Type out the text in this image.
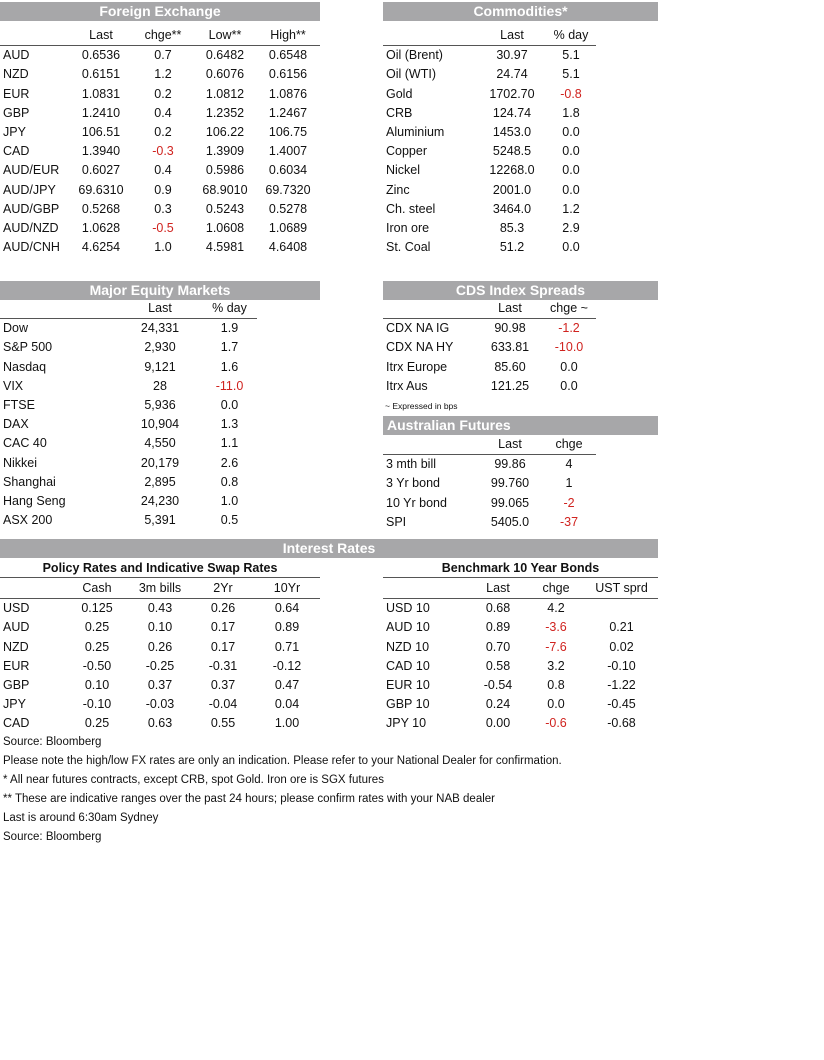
Foreign Exchange
	Last	chge**	Low**	High**
AUD	0.6536	0.7	0.6482	0.6548
NZD	0.6151	1.2	0.6076	0.6156
EUR	1.0831	0.2	1.0812	1.0876
GBP	1.2410	0.4	1.2352	1.2467
JPY	106.51	0.2	106.22	106.75
CAD	1.3940	-0.3	1.3909	1.4007
AUD/EUR	0.6027	0.4	0.5986	0.6034
AUD/JPY	69.6310	0.9	68.9010	69.7320
AUD/GBP	0.5268	0.3	0.5243	0.5278
AUD/NZD	1.0628	-0.5	1.0608	1.0689
AUD/CNH	4.6254	1.0	4.5981	4.6408
Commodities*
	Last	% day
Oil (Brent)	30.97	5.1
Oil (WTI)	24.74	5.1
Gold	1702.70	-0.8
CRB	124.74	1.8
Aluminium	1453.0	0.0
Copper	5248.5	0.0
Nickel	12268.0	0.0
Zinc	2001.0	0.0
Ch. steel	3464.0	1.2
Iron ore	85.3	2.9
St. Coal	51.2	0.0
Major Equity Markets
	Last	% day
Dow	24,331	1.9
S&P 500	2,930	1.7
Nasdaq	9,121	1.6
VIX	28	-11.0
FTSE	5,936	0.0
DAX	10,904	1.3
CAC 40	4,550	1.1
Nikkei	20,179	2.6
Shanghai	2,895	0.8
Hang Seng	24,230	1.0
ASX 200	5,391	0.5
CDS Index Spreads
	Last	chge ~
CDX NA IG	90.98	-1.2
CDX NA HY	633.81	-10.0
Itrx Europe	85.60	0.0
Itrx Aus	121.25	0.0
~ Expressed in bps
Australian Futures
	Last	chge
3 mth bill	99.86	4
3 Yr bond	99.760	1
10 Yr bond	99.065	-2
SPI	5405.0	-37
Interest Rates
Policy Rates and Indicative Swap Rates
	Cash	3m bills	2Yr	10Yr
USD	0.125	0.43	0.26	0.64
AUD	0.25	0.10	0.17	0.89
NZD	0.25	0.26	0.17	0.71
EUR	-0.50	-0.25	-0.31	-0.12
GBP	0.10	0.37	0.37	0.47
JPY	-0.10	-0.03	-0.04	0.04
CAD	0.25	0.63	0.55	1.00
Benchmark 10 Year Bonds
	Last	chge	UST sprd
USD 10	0.68	4.2	
AUD 10	0.89	-3.6	0.21
NZD 10	0.70	-7.6	0.02
CAD 10	0.58	3.2	-0.10
EUR 10	-0.54	0.8	-1.22
GBP 10	0.24	0.0	-0.45
JPY 10	0.00	-0.6	-0.68
Source: Bloomberg
Please note the high/low FX rates are only an indication. Please refer to your National Dealer for confirmation.
* All near futures contracts, except CRB, spot Gold. Iron ore is SGX futures
** These are indicative ranges over the past 24 hours; please confirm rates with your NAB dealer
Last is around 6:30am Sydney
Source: Bloomberg
